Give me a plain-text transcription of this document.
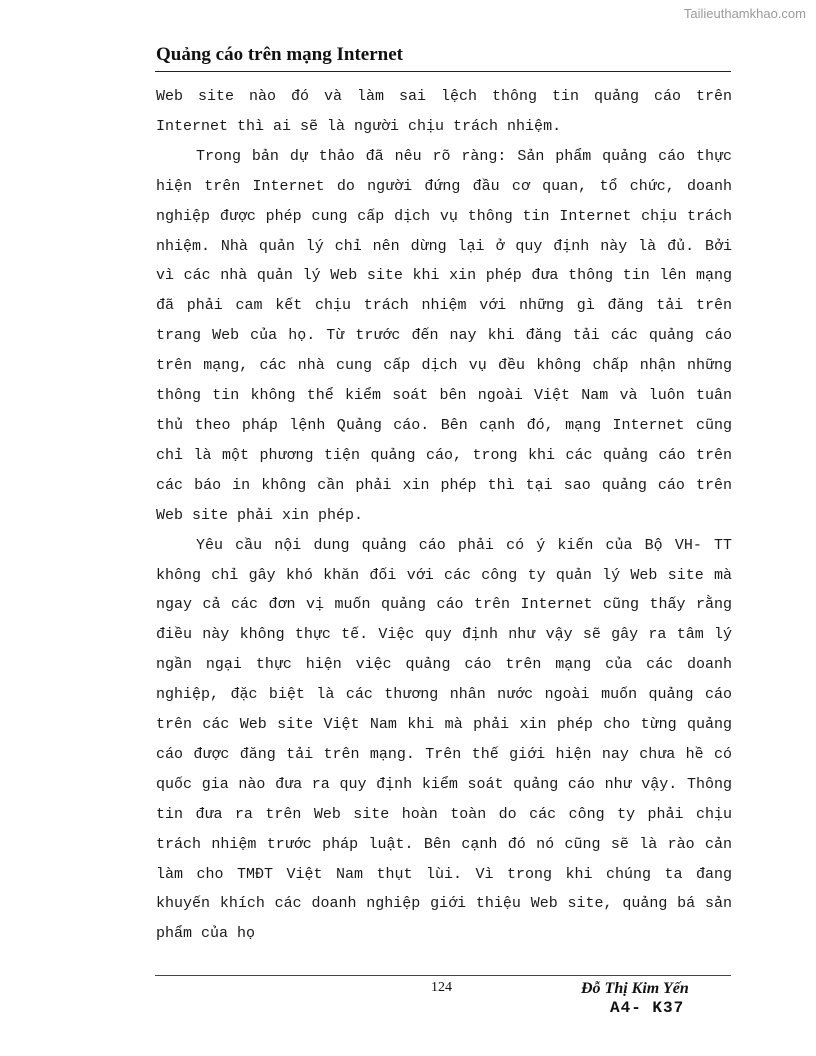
Tailieuthamkhao.com
Quảng cáo trên mạng Internet

Web site nào đó và làm sai lệch thông tin quảng cáo trên Internet thì ai sẽ là người chịu trách nhiệm.

Trong bản dự thảo đã nêu rõ ràng: Sản phẩm quảng cáo thực hiện trên Internet do người đứng đầu cơ quan, tổ chức, doanh nghiệp được phép cung cấp dịch vụ thông tin Internet chịu trách nhiệm. Nhà quản lý chỉ nên dừng lại ở quy định này là đủ. Bởi vì các nhà quản lý Web site khi xin phép đưa thông tin lên mạng đã phải cam kết chịu trách nhiệm với những gì đăng tải trên trang Web của họ. Từ trước đến nay khi đăng tải các quảng cáo trên mạng, các nhà cung cấp dịch vụ đều không chấp nhận những thông tin không thể kiểm soát bên ngoài Việt Nam và luôn tuân thủ theo pháp lệnh Quảng cáo. Bên cạnh đó, mạng Internet cũng chỉ là một phương tiện quảng cáo, trong khi các quảng cáo trên các báo in không cần phải xin phép thì tại sao quảng cáo trên Web site phải xin phép.

Yêu cầu nội dung quảng cáo phải có ý kiến của Bộ VH- TT không chỉ gây khó khăn đối với các công ty quản lý Web site mà ngay cả các đơn vị muốn quảng cáo trên Internet cũng thấy rằng điều này không thực tế. Việc quy định như vậy sẽ gây ra tâm lý ngần ngại thực hiện việc quảng cáo trên mạng của các doanh nghiệp, đặc biệt là các thương nhân nước ngoài muốn quảng cáo trên các Web site Việt Nam khi mà phải xin phép cho từng quảng cáo được đăng tải trên mạng. Trên thế giới hiện nay chưa hề có quốc gia nào đưa ra quy định kiểm soát quảng cáo như vậy. Thông tin đưa ra trên Web site hoàn toàn do các công ty phải chịu trách nhiệm trước pháp luật. Bên cạnh đó nó cũng sẽ là rào cản làm cho TMĐT Việt Nam thụt lùi. Vì trong khi chúng ta đang khuyến khích các doanh nghiệp giới thiệu Web site, quảng bá sản phẩm của họ

124	Đỗ Thị Kim Yến
A4- K37
